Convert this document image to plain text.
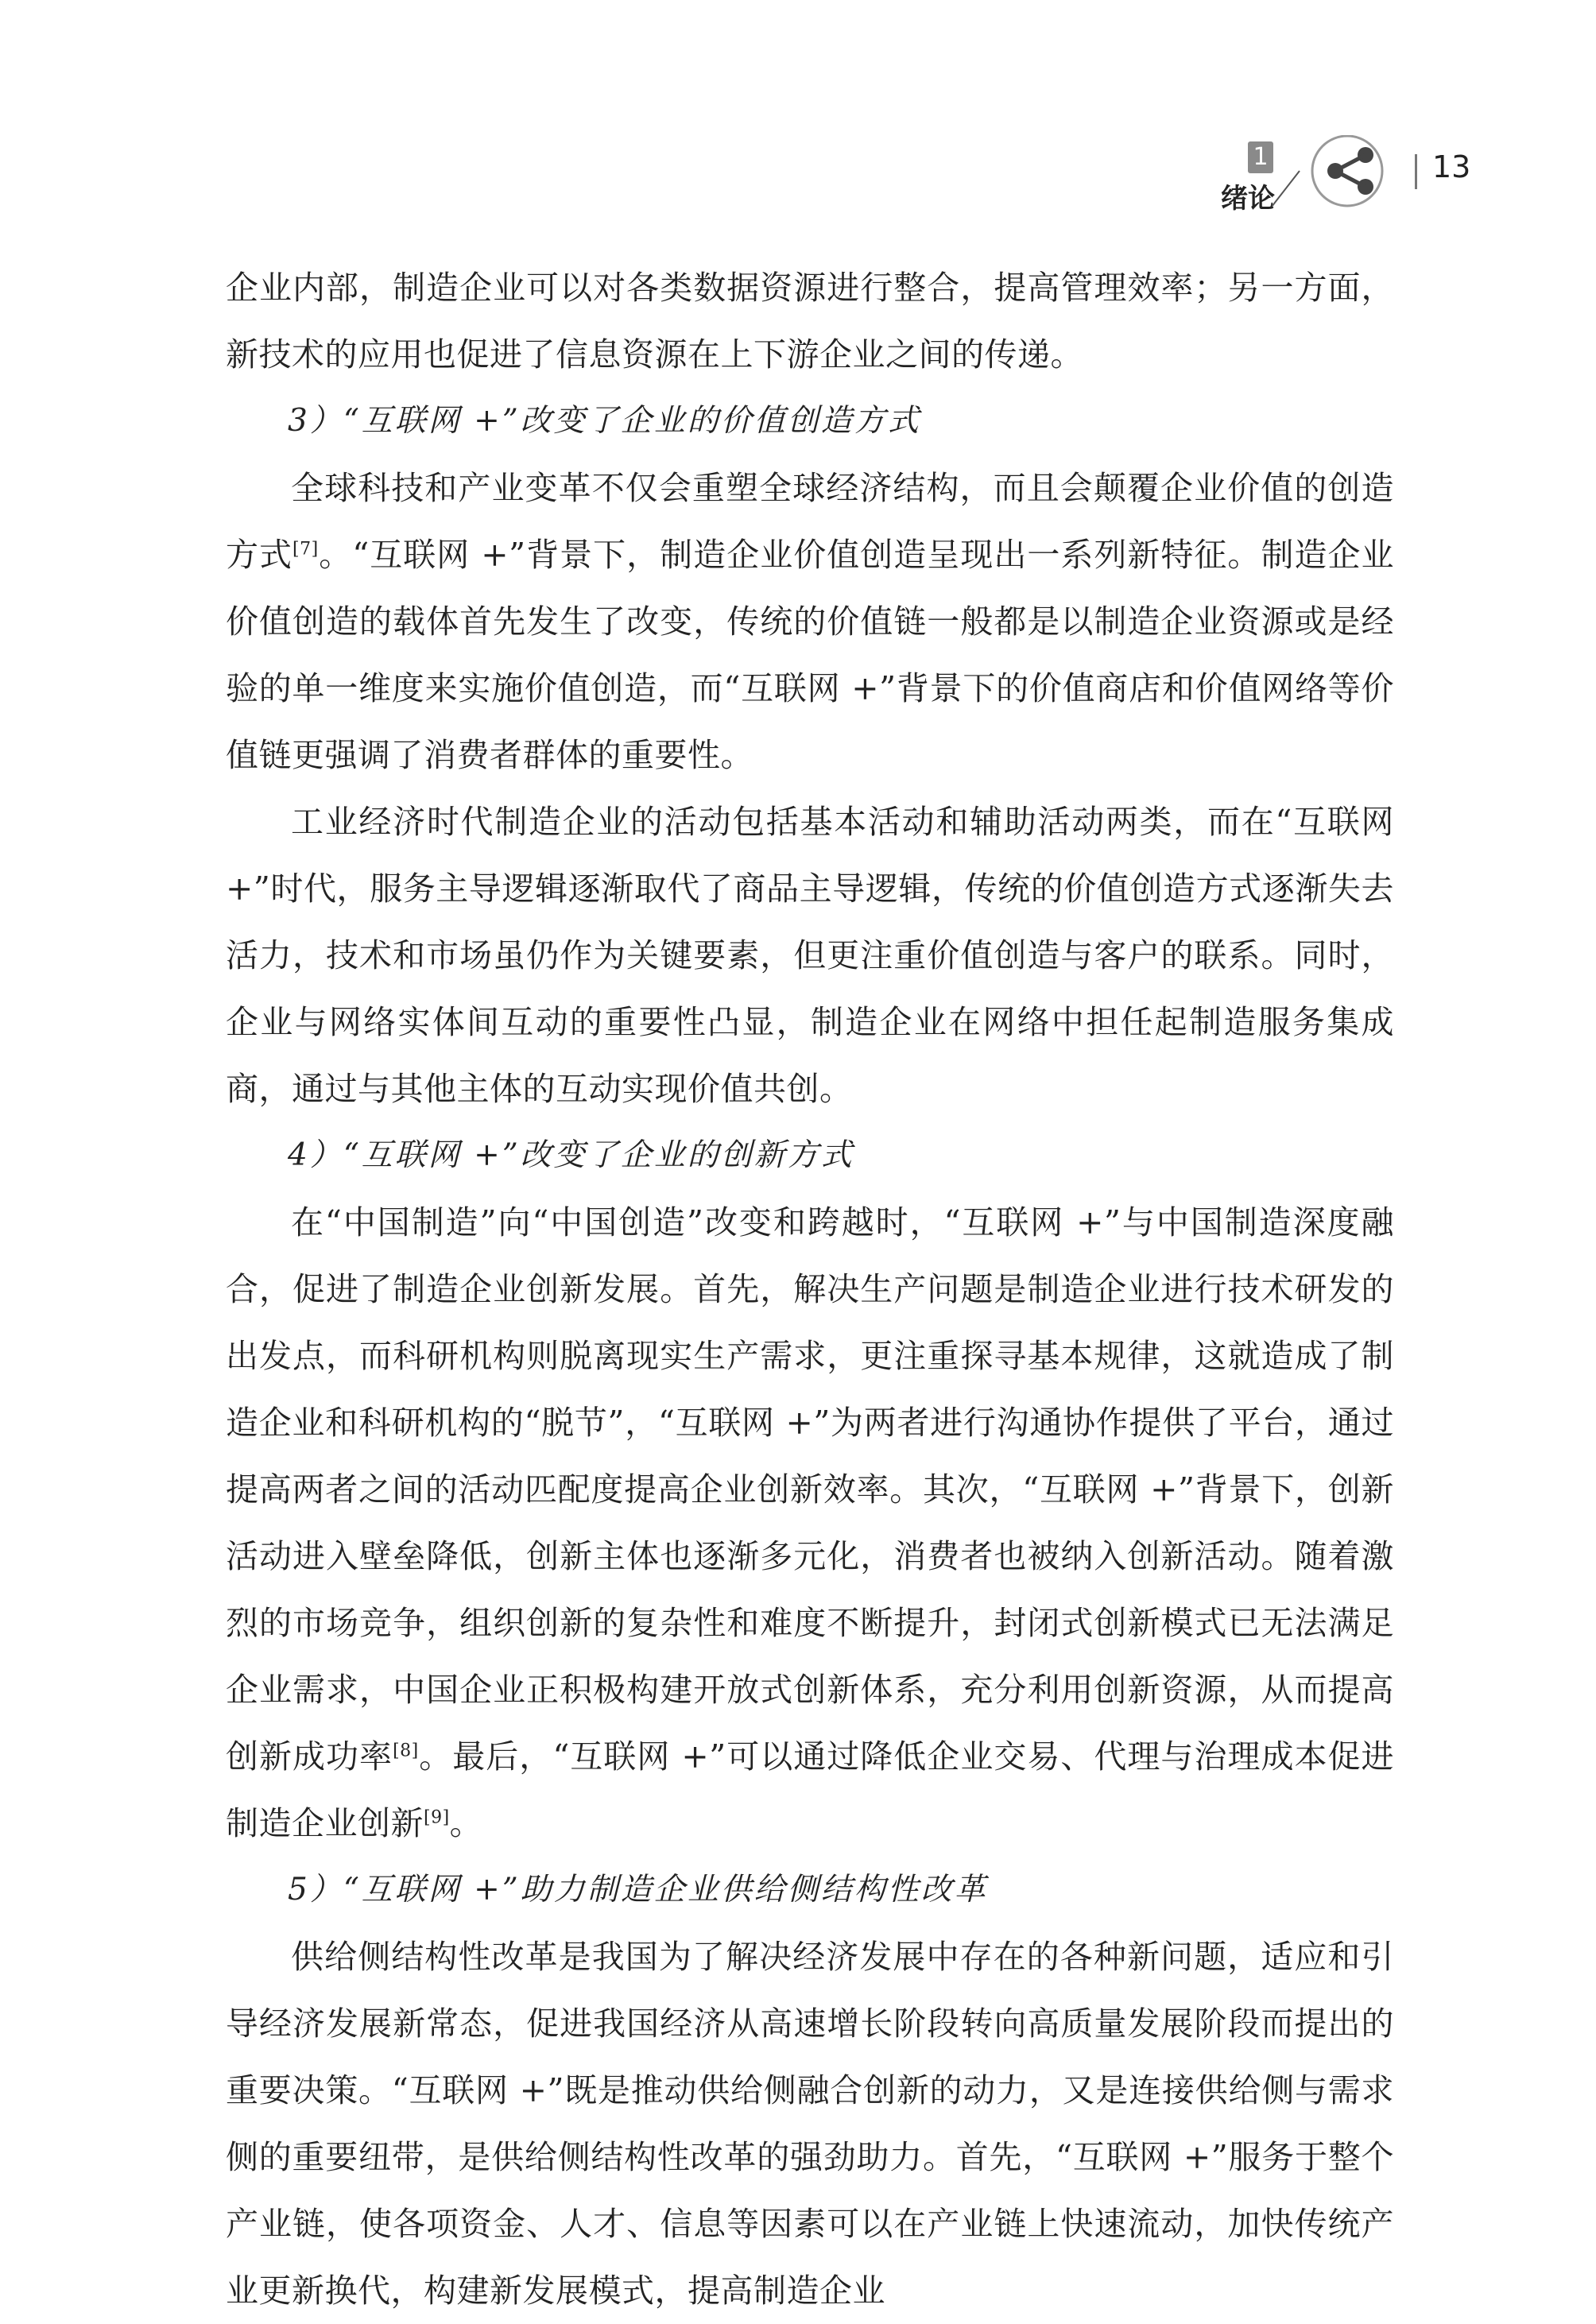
1
绪论
13

企业内部，制造企业可以对各类数据资源进行整合，提高管理效率；另一方面，新技术的应用也促进了信息资源在上下游企业之间的传递。

3）“互联网 +”改变了企业的价值创造方式

全球科技和产业变革不仅会重塑全球经济结构，而且会颠覆企业价值的创造方式[7]。“互联网 +”背景下，制造企业价值创造呈现出一系列新特征。制造企业价值创造的载体首先发生了改变，传统的价值链一般都是以制造企业资源或是经验的单一维度来实施价值创造，而“互联网 +”背景下的价值商店和价值网络等价值链更强调了消费者群体的重要性。

工业经济时代制造企业的活动包括基本活动和辅助活动两类，而在“互联网 +”时代，服务主导逻辑逐渐取代了商品主导逻辑，传统的价值创造方式逐渐失去活力，技术和市场虽仍作为关键要素，但更注重价值创造与客户的联系。同时，企业与网络实体间互动的重要性凸显，制造企业在网络中担任起制造服务集成商，通过与其他主体的互动实现价值共创。

4）“互联网 +”改变了企业的创新方式

在“中国制造”向“中国创造”改变和跨越时，“互联网 +”与中国制造深度融合，促进了制造企业创新发展。首先，解决生产问题是制造企业进行技术研发的出发点，而科研机构则脱离现实生产需求，更注重探寻基本规律，这就造成了制造企业和科研机构的“脱节”，“互联网 +”为两者进行沟通协作提供了平台，通过提高两者之间的活动匹配度提高企业创新效率。其次，“互联网 +”背景下，创新活动进入壁垒降低，创新主体也逐渐多元化，消费者也被纳入创新活动。随着激烈的市场竞争，组织创新的复杂性和难度不断提升，封闭式创新模式已无法满足企业需求，中国企业正积极构建开放式创新体系，充分利用创新资源，从而提高创新成功率[8]。最后，“互联网 +”可以通过降低企业交易、代理与治理成本促进制造企业创新[9]。

5）“互联网 +”助力制造企业供给侧结构性改革

供给侧结构性改革是我国为了解决经济发展中存在的各种新问题，适应和引导经济发展新常态，促进我国经济从高速增长阶段转向高质量发展阶段而提出的重要决策。“互联网 +”既是推动供给侧融合创新的动力，又是连接供给侧与需求侧的重要纽带，是供给侧结构性改革的强劲助力。首先，“互联网 +”服务于整个产业链，使各项资金、人才、信息等因素可以在产业链上快速流动，加快传统产业更新换代，构建新发展模式，提高制造企业
